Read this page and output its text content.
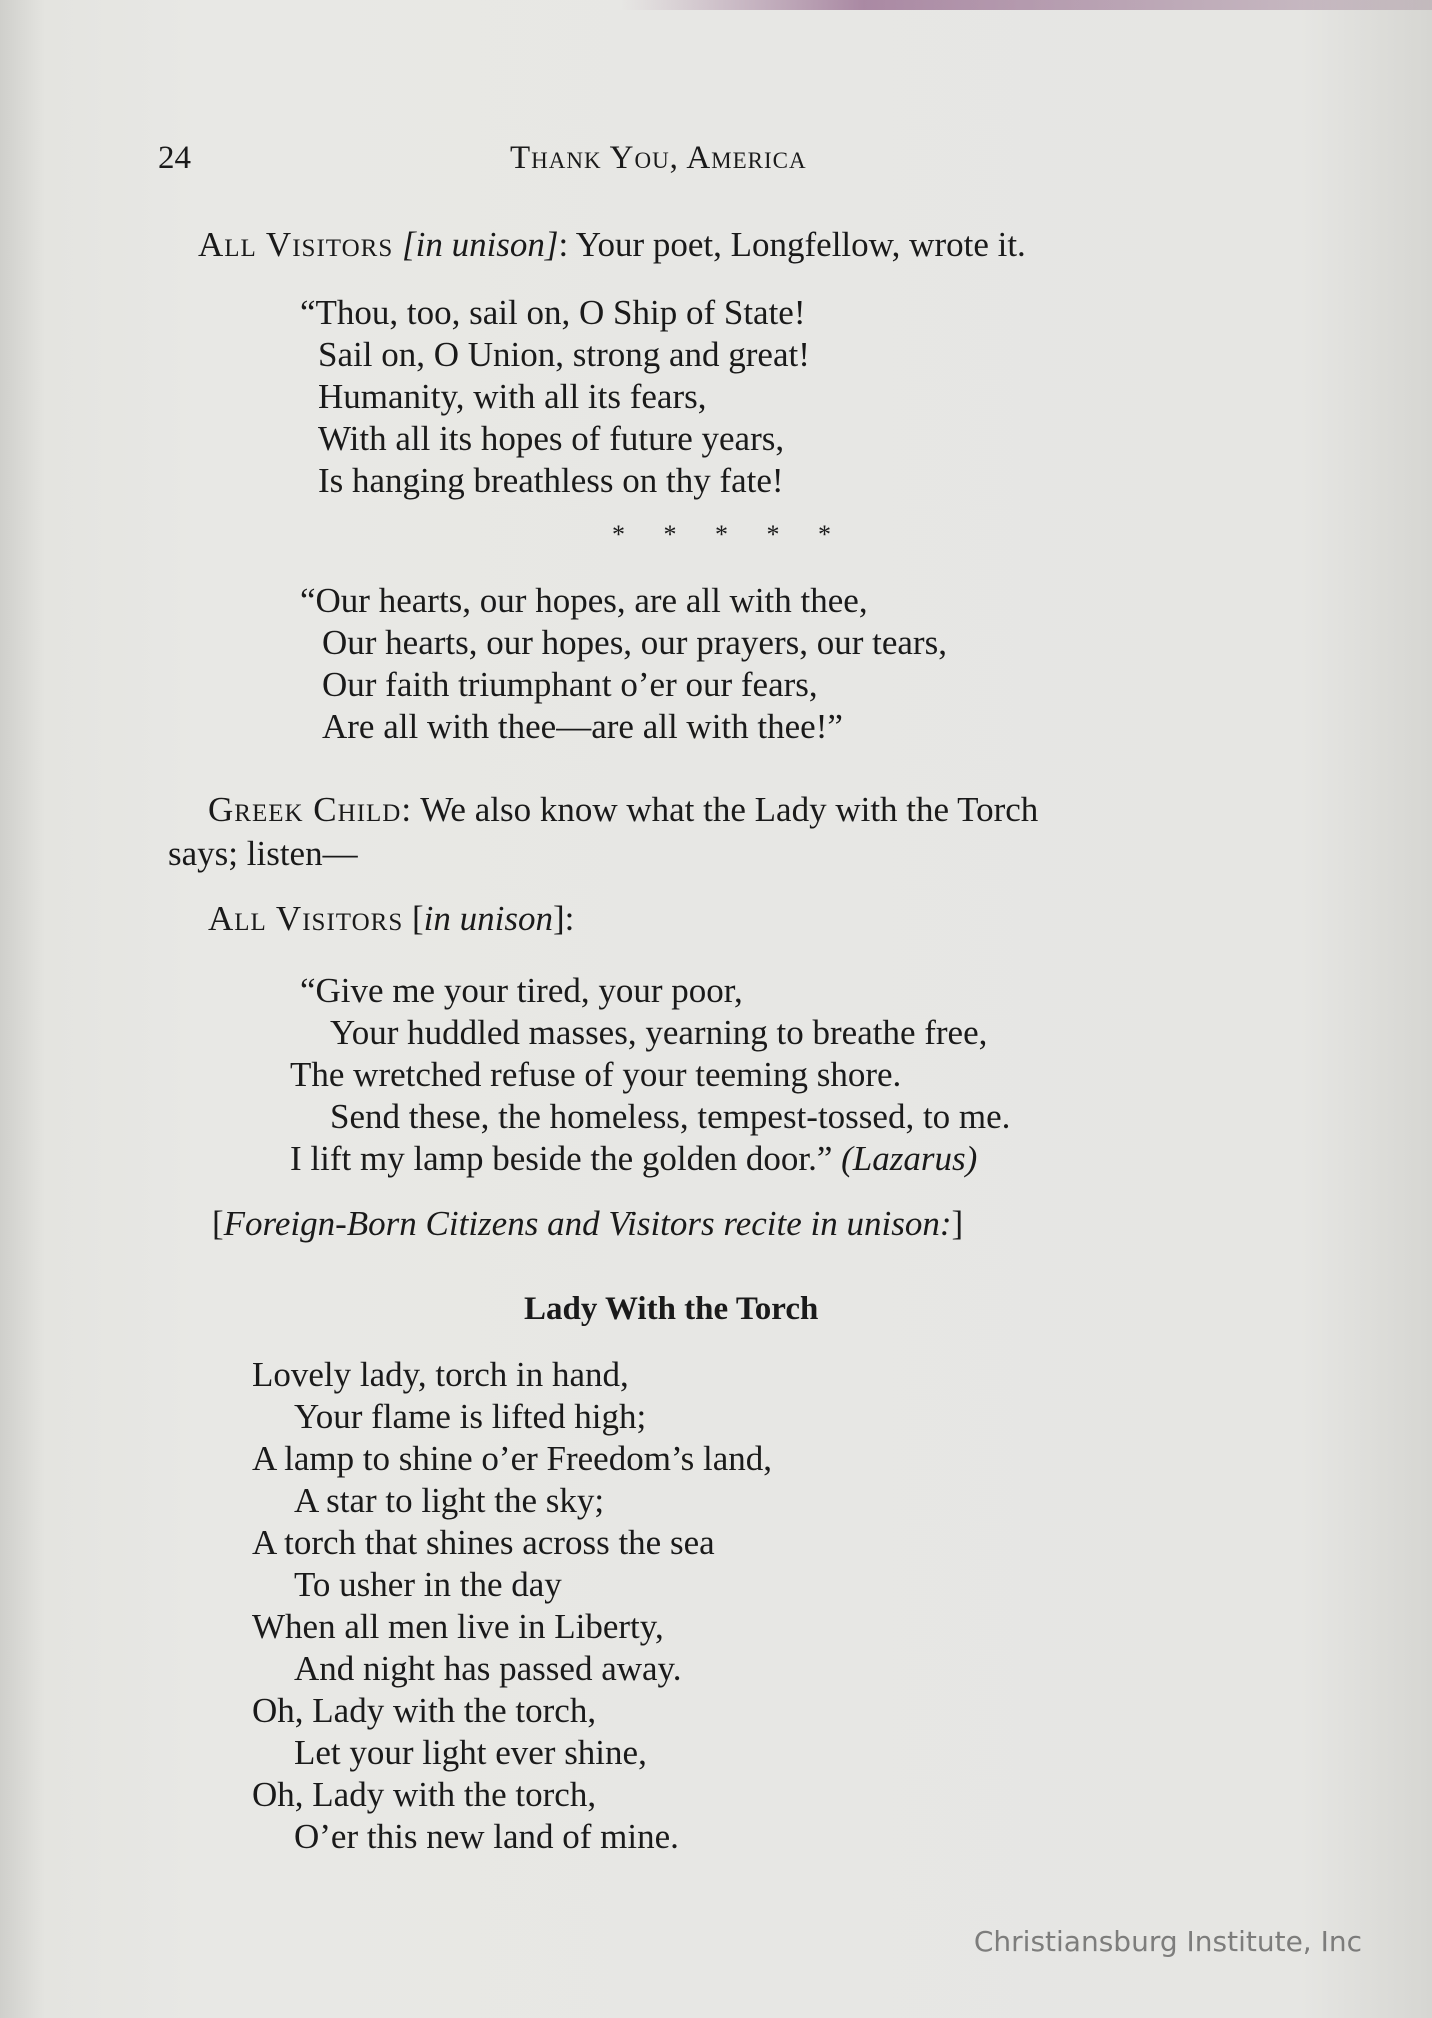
24	Thank You, America
All Visitors [in unison]: Your poet, Longfellow, wrote it.
“Thou, too, sail on, O Ship of State!
Sail on, O Union, strong and great!
Humanity, with all its fears,
With all its hopes of future years,
Is hanging breathless on thy fate!
* * * * *
“Our hearts, our hopes, are all with thee,
Our hearts, our hopes, our prayers, our tears,
Our faith triumphant o’er our fears,
Are all with thee—are all with thee!”
Greek Child: We also know what the Lady with the Torch
says; listen—
All Visitors [in unison]:
“Give me your tired, your poor,
Your huddled masses, yearning to breathe free,
The wretched refuse of your teeming shore.
Send these, the homeless, tempest-tossed, to me.
I lift my lamp beside the golden door.” (Lazarus)
[Foreign-Born Citizens and Visitors recite in unison:]
Lady With the Torch
Lovely lady, torch in hand,
Your flame is lifted high;
A lamp to shine o’er Freedom’s land,
A star to light the sky;
A torch that shines across the sea
To usher in the day
When all men live in Liberty,
And night has passed away.
Oh, Lady with the torch,
Let your light ever shine,
Oh, Lady with the torch,
O’er this new land of mine.
Christiansburg Institute, Inc
